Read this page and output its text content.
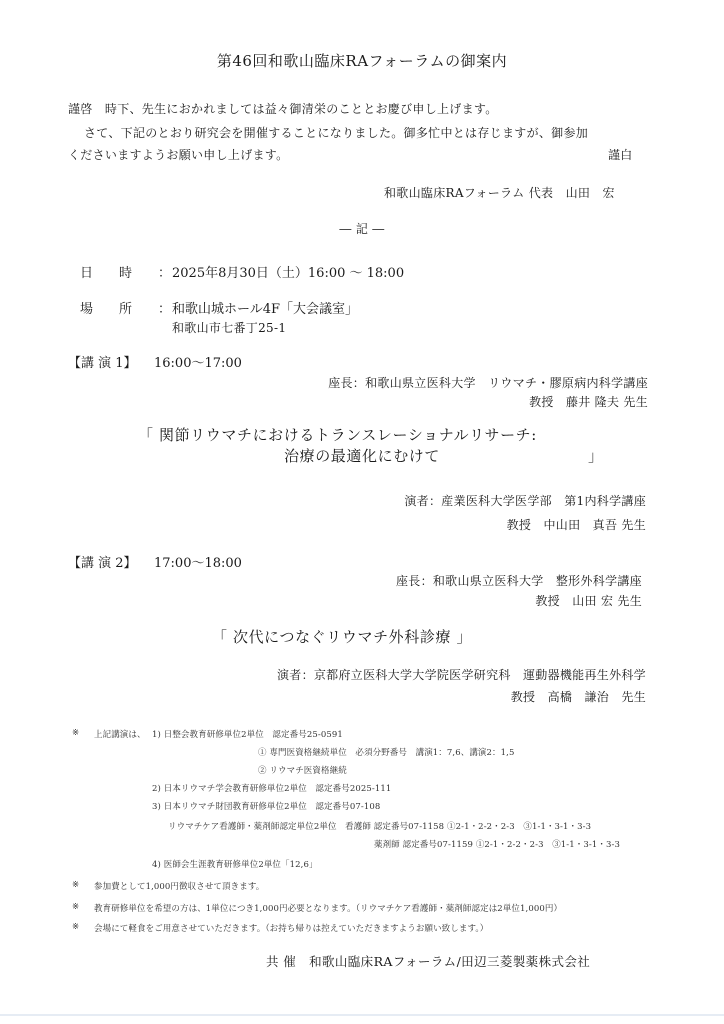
第46回和歌山臨床RAフォーラムの御案内
謹啓　時下、先生におかれましては益々御清栄のこととお慶び申し上げます。
さて、下記のとおり研究会を開催することになりました。御多忙中とは存じますが、御参加
くださいますようお願い申し上げます。	謹白
和歌山臨床RAフォーラム 代表　山田　宏
― 記 ―
日　　時 ： 2025年8月30日（土）16:00 ～ 18:00
場　　所 ： 和歌山城ホール4F「大会議室」
和歌山市七番丁25-1
【講 演 1】 16:00～17:00
座長：和歌山県立医科大学　リウマチ・膠原病内科学講座
教授　藤井 隆夫 先生
「 関節リウマチにおけるトランスレーショナルリサーチ:
治療の最適化にむけて	」
演者：産業医科大学医学部　第1内科学講座
教授　中山田　真吾 先生
【講 演 2】 17:00～18:00
座長：和歌山県立医科大学　整形外科学講座
教授　山田 宏 先生
「 次代につなぐリウマチ外科診療 」
演者：京都府立医科大学大学院医学研究科　運動器機能再生外科学
教授　高橋　謙治　先生
※ 上記講演は、 1) 日整会教育研修単位2単位　認定番号25-0591
① 専門医資格継続単位　必須分野番号　講演1：7,6、講演2：1,5
② リウマチ医資格継続
2) 日本リウマチ学会教育研修単位2単位　認定番号2025-111
3) 日本リウマチ財団教育研修単位2単位　認定番号07-108
リウマチケア看護師・薬剤師認定単位2単位　看護師 認定番号07-1158 ①2-1・2-2・2-3　③1-1・3-1・3-3
薬剤師 認定番号07-1159 ①2-1・2-2・2-3　③1-1・3-1・3-3
4) 医師会生涯教育研修単位2単位「12,6」
※ 参加費として1,000円徴収させて頂きます。
※ 教育研修単位を希望の方は、1単位につき1,000円必要となります。（リウマチケア看護師・薬剤師認定は2単位1,000円）
※ 会場にて軽食をご用意させていただきます。（お持ち帰りは控えていただきますようお願い致します。）
共 催　和歌山臨床RAフォーラム/田辺三菱製薬株式会社
